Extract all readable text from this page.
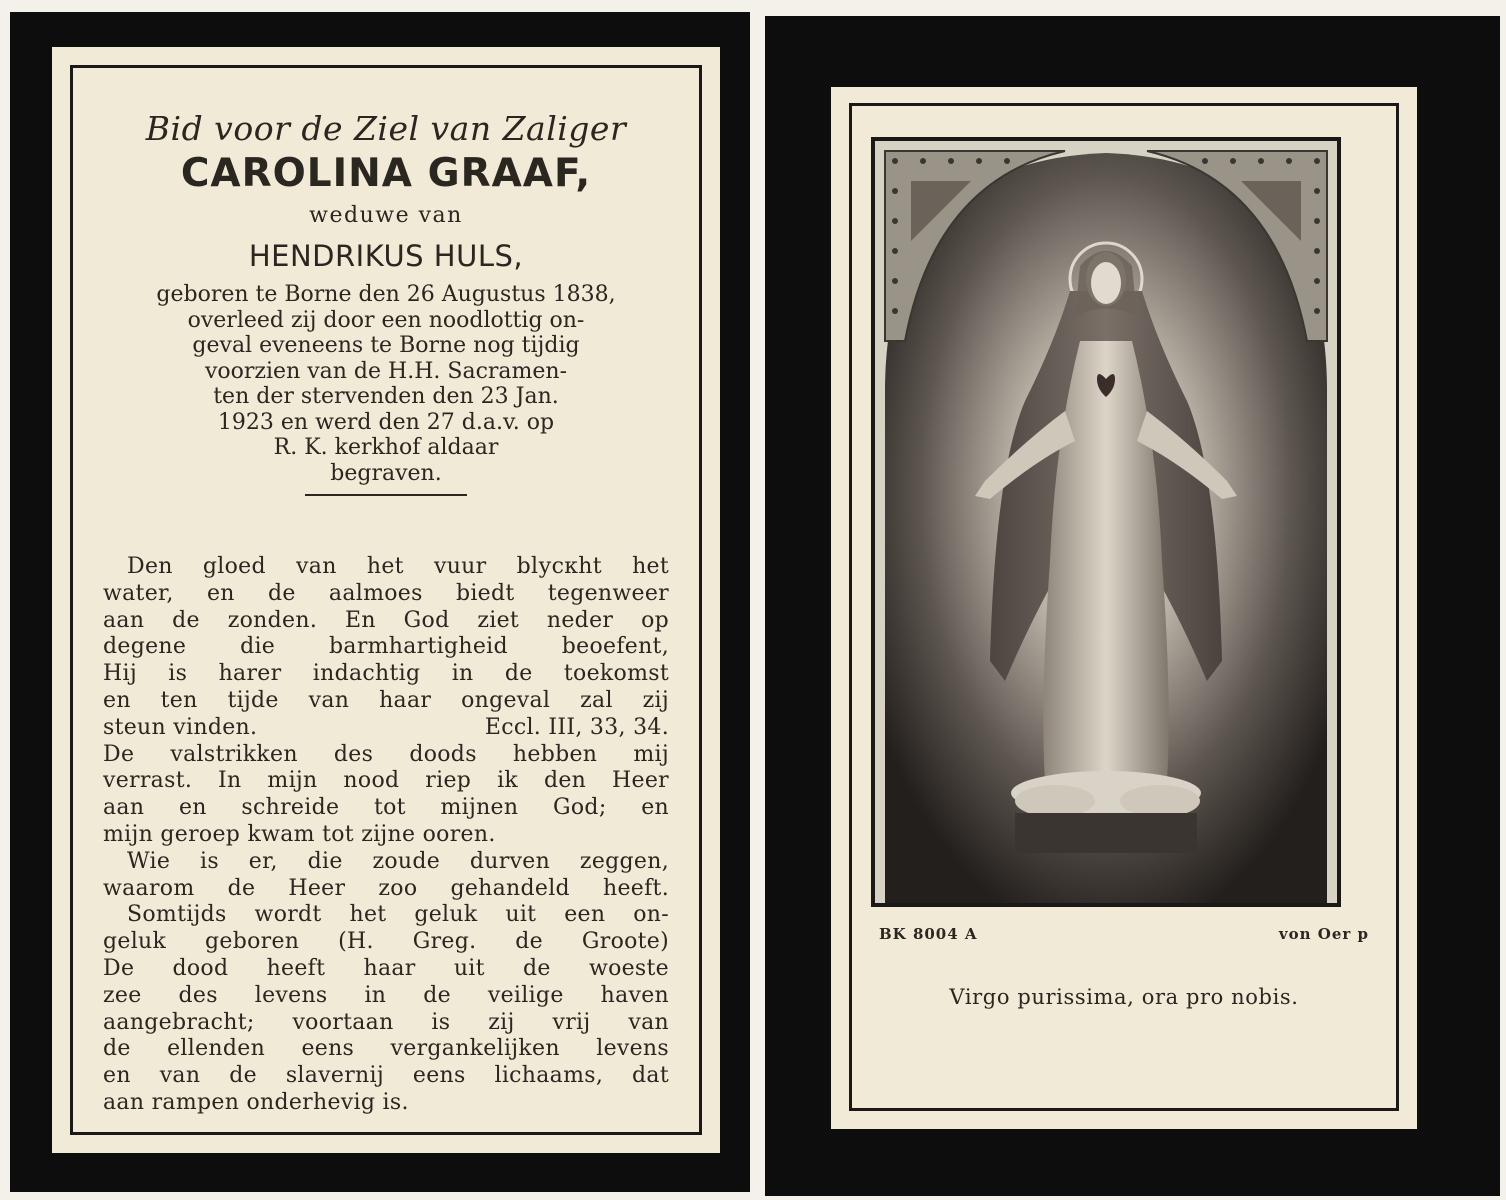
Bid voor de Ziel van Zaliger
CAROLINA GRAAF,
weduwe van
HENDRIKUS HULS,
geboren te Borne den 26 Augustus 1838,
overleed zij door een noodlottig on-
geval eveneens te Borne nog tijdig
voorzien van de H.H. Sacramen-
ten der stervenden den 23 Jan.
1923 en werd den 27 d.a.v. op
R. K. kerkhof aldaar
begraven.
Den gloed van het vuur blускht het
water, en de aalmoes biedt tegenweer
aan de zonden. En God ziet neder op
degene die barmhartigheid beoefent,
Hij is harer indachtig in de toekomst
en ten tijde van haar ongeval zal zij
steun vinden.	Eccl. III, 33, 34.
De valstrikken des doods hebben mij
verrast. In mijn nood riep ik den Heer
aan en schreide tot mijnen God; en
mijn geroep kwam tot zijne ooren.
Wie is er, die zoude durven zeggen,
waarom de Heer zoo gehandeld heeft.
Somtijds wordt het geluk uit een on-
geluk geboren (H. Greg. de Groote)
De dood heeft haar uit de woeste
zee des levens in de veilige haven
aangebracht; voortaan is zij vrij van
de ellenden eens vergankelijken levens
en van de slavernij eens lichaams, dat
aan rampen onderhevig is.
BK 8004 A	von Oer p
Virgo purissima, ora pro nobis.
